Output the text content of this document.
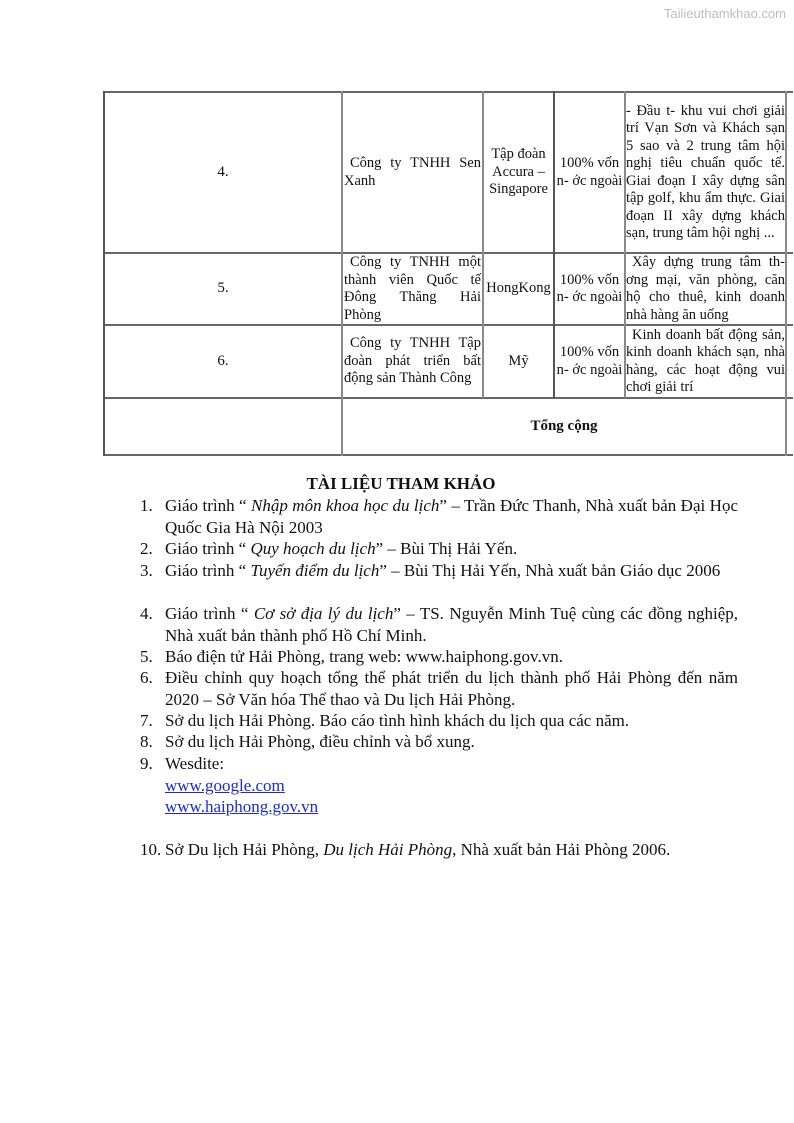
Tailieuthamkhao.com
4.
Công ty TNHH Sen Xanh
Tập đoàn Accura – Singapore
100% vốn n- ớc ngoài
- Đầu t- khu vui chơi giải trí Vạn Sơn và Khách sạn 5 sao và 2 trung tâm hội nghị tiêu chuẩn quốc tế. Giai đoạn I xây dựng sân tập golf, khu ẩm thực. Giai đoạn II xây dựng khách sạn, trung tâm hội nghị ...
5.
Công ty TNHH một thành viên Quốc tế Đông Thăng Hải Phòng
HongKong
100% vốn n- ớc ngoài
Xây dựng trung tâm th- ơng mại, văn phòng, căn hộ cho thuê, kinh doanh nhà hàng ăn uống
6.
Công ty TNHH Tập đoàn phát triển bất động sản Thành Công
Mỹ
100% vốn n- ớc ngoài
Kinh doanh bất động sản, kinh doanh khách sạn, nhà hàng, các hoạt động vui chơi giải trí
Tổng cộng
TÀI LIỆU THAM KHẢO
1. Giáo trình “ Nhập môn khoa học du lịch” – Trần Đức Thanh, Nhà xuất bản Đại Học Quốc Gia Hà Nội 2003
2. Giáo trình “ Quy hoạch du lịch” – Bùi Thị Hải Yến.
3. Giáo trình “ Tuyến điểm du lịch” – Bùi Thị Hải Yến, Nhà xuất bản Giáo dục 2006
4. Giáo trình “ Cơ sở địa lý du lịch” – TS. Nguyễn Minh Tuệ cùng các đồng nghiệp, Nhà xuất bản thành phố Hồ Chí Minh.
5. Báo điện tử Hải Phòng, trang web: www.haiphong.gov.vn.
6. Điều chỉnh quy hoạch tổng thể phát triển du lịch thành phố Hải Phòng đến năm 2020 – Sở Văn hóa Thể thao và Du lịch Hải Phòng.
7. Sở du lịch Hải Phòng. Báo cáo tình hình khách du lịch qua các năm.
8. Sở du lịch Hải Phòng, điều chỉnh và bổ xung.
9. Wesdite:
www.google.com
www.haiphong.gov.vn
10. Sở Du lịch Hải Phòng, Du lịch Hải Phòng, Nhà xuất bản Hải Phòng 2006.
